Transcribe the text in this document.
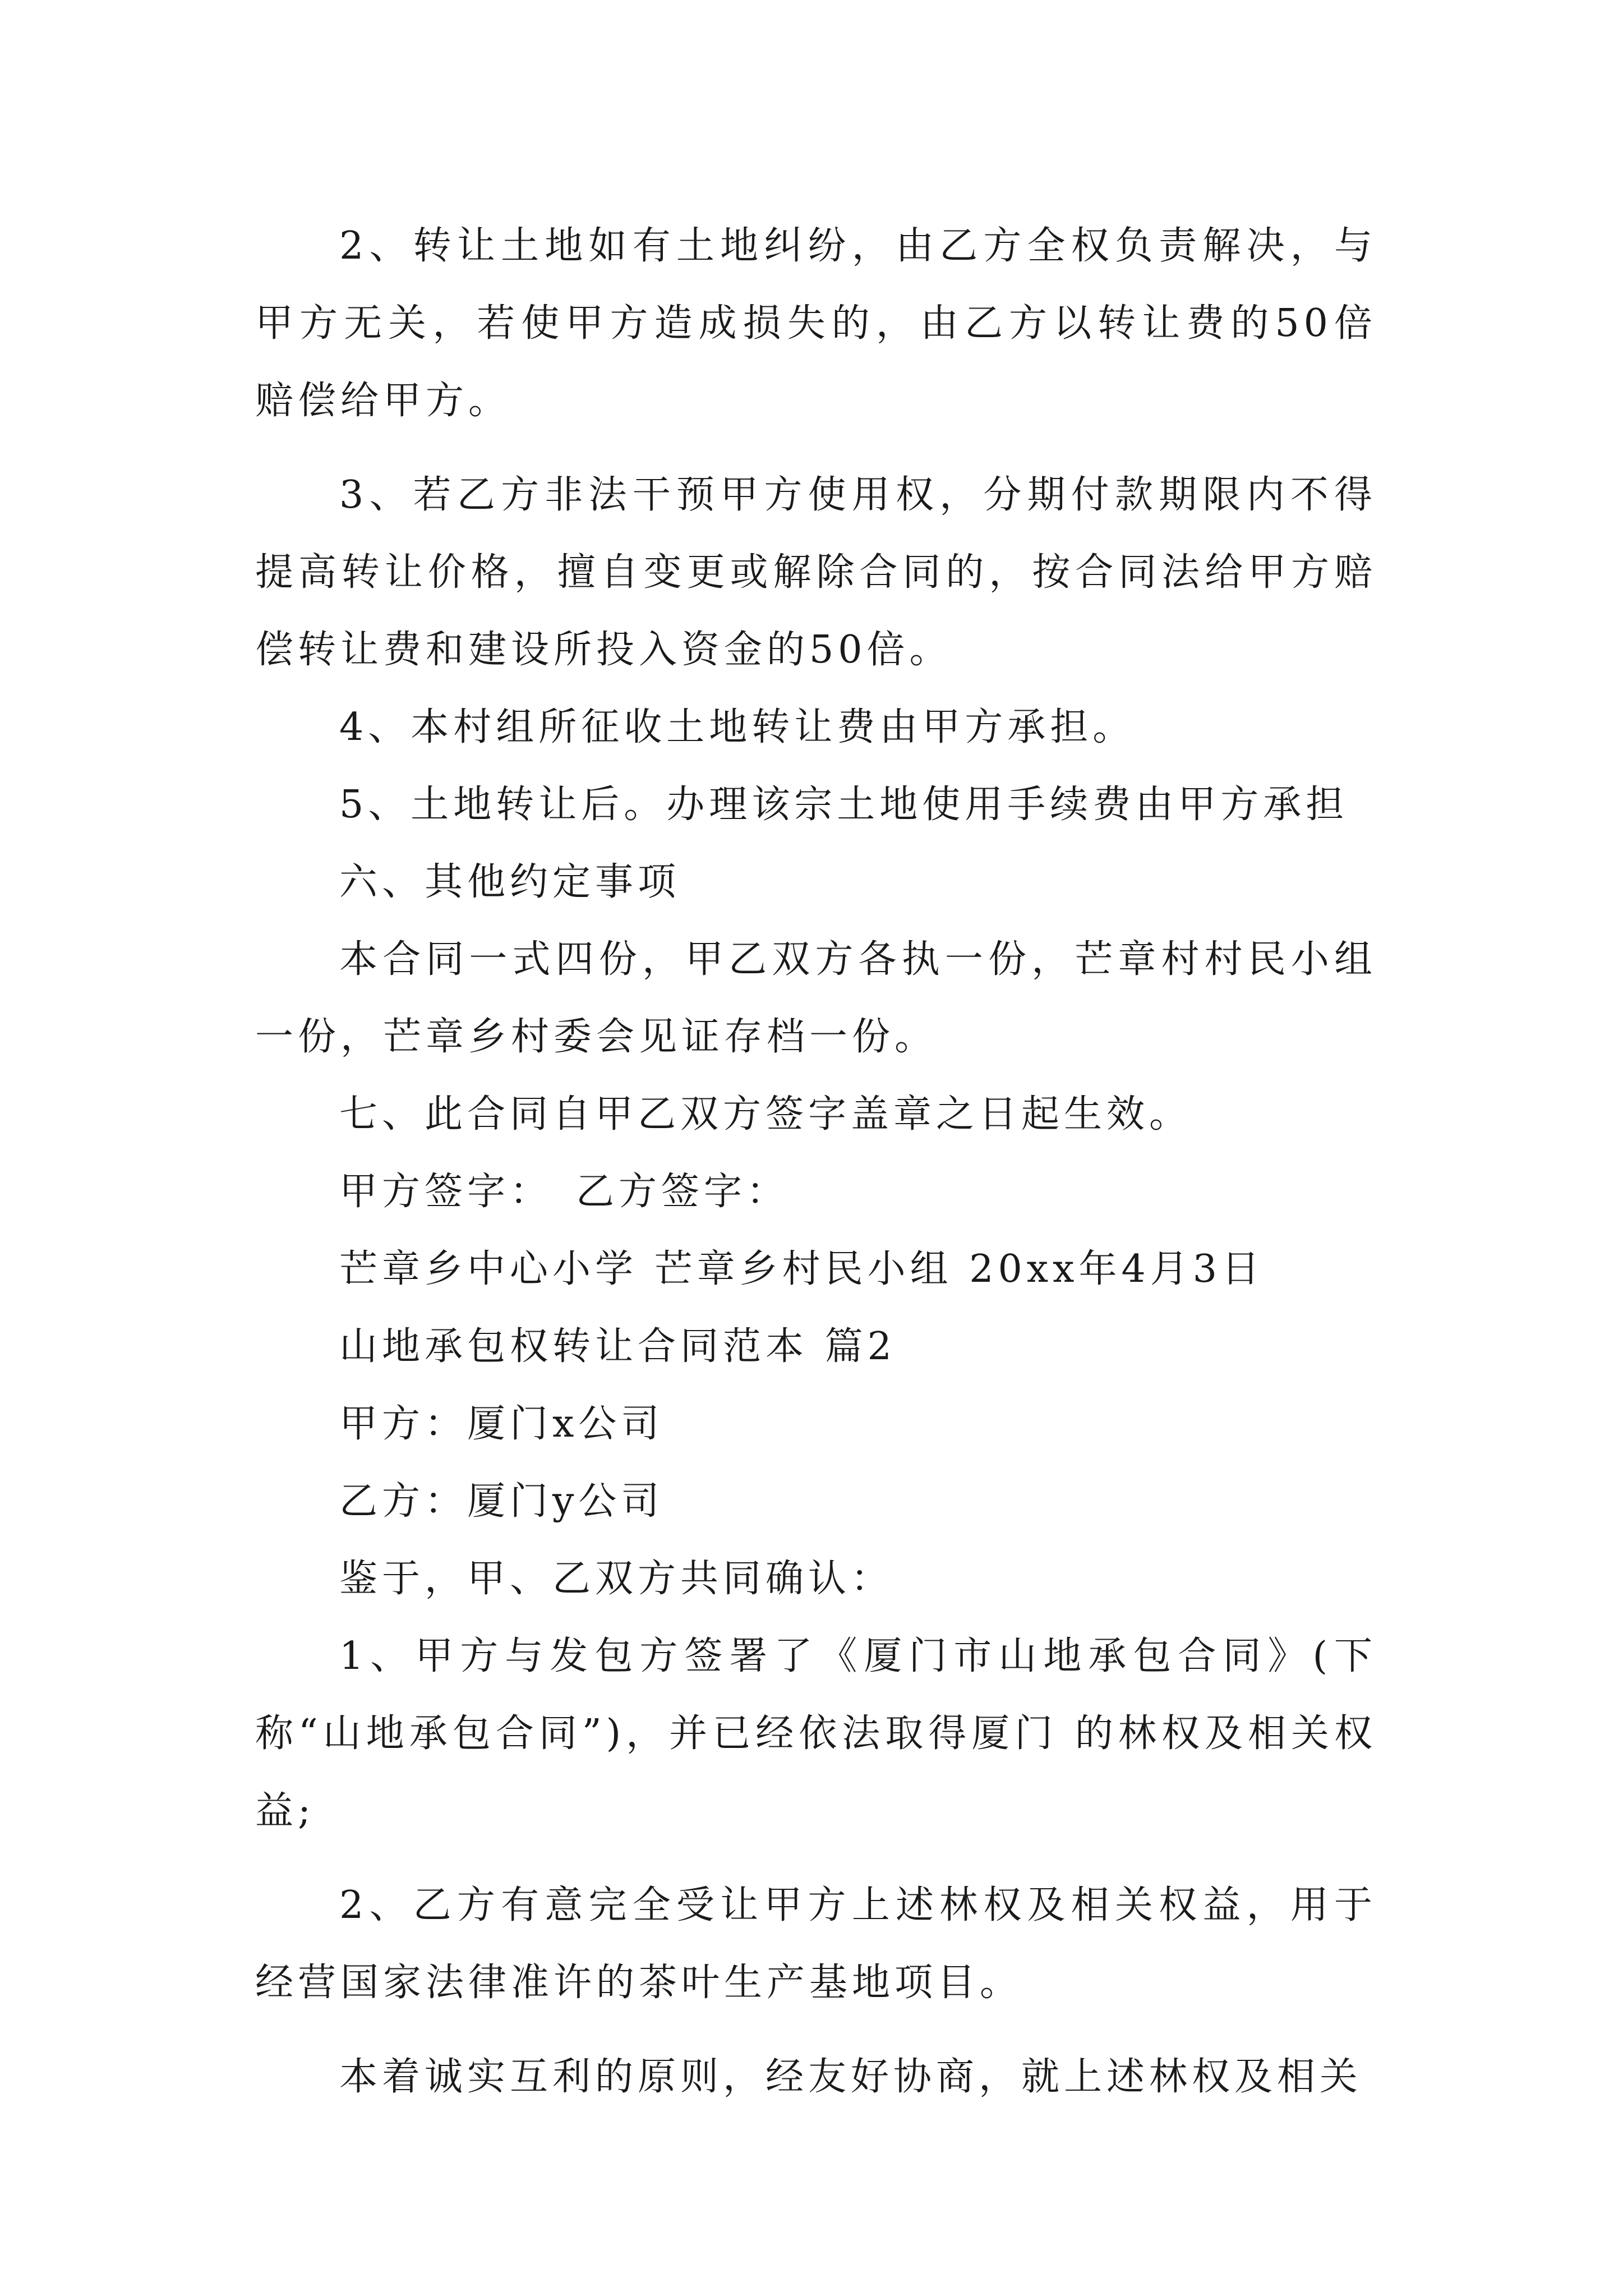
2、转让土地如有土地纠纷，由乙方全权负责解决，与甲方无关，若使甲方造成损失的，由乙方以转让费的50倍赔偿给甲方。

3、若乙方非法干预甲方使用权，分期付款期限内不得提高转让价格，擅自变更或解除合同的，按合同法给甲方赔偿转让费和建设所投入资金的50倍。

4、本村组所征收土地转让费由甲方承担。

5、土地转让后。办理该宗土地使用手续费由甲方承担

六、其他约定事项

本合同一式四份，甲乙双方各执一份，芒章村村民小组一份，芒章乡村委会见证存档一份。

七、此合同自甲乙双方签字盖章之日起生效。

甲方签字：　乙方签字：

芒章乡中心小学 芒章乡村民小组 20xx年4月3日

山地承包权转让合同范本 篇2

甲方：厦门x公司

乙方：厦门y公司

鉴于，甲、乙双方共同确认：

1、甲方与发包方签署了《厦门市山地承包合同》(下称“山地承包合同”)，并已经依法取得厦门 的林权及相关权益;

2、乙方有意完全受让甲方上述林权及相关权益，用于经营国家法律准许的茶叶生产基地项目。

本着诚实互利的原则，经友好协商，就上述林权及相关
